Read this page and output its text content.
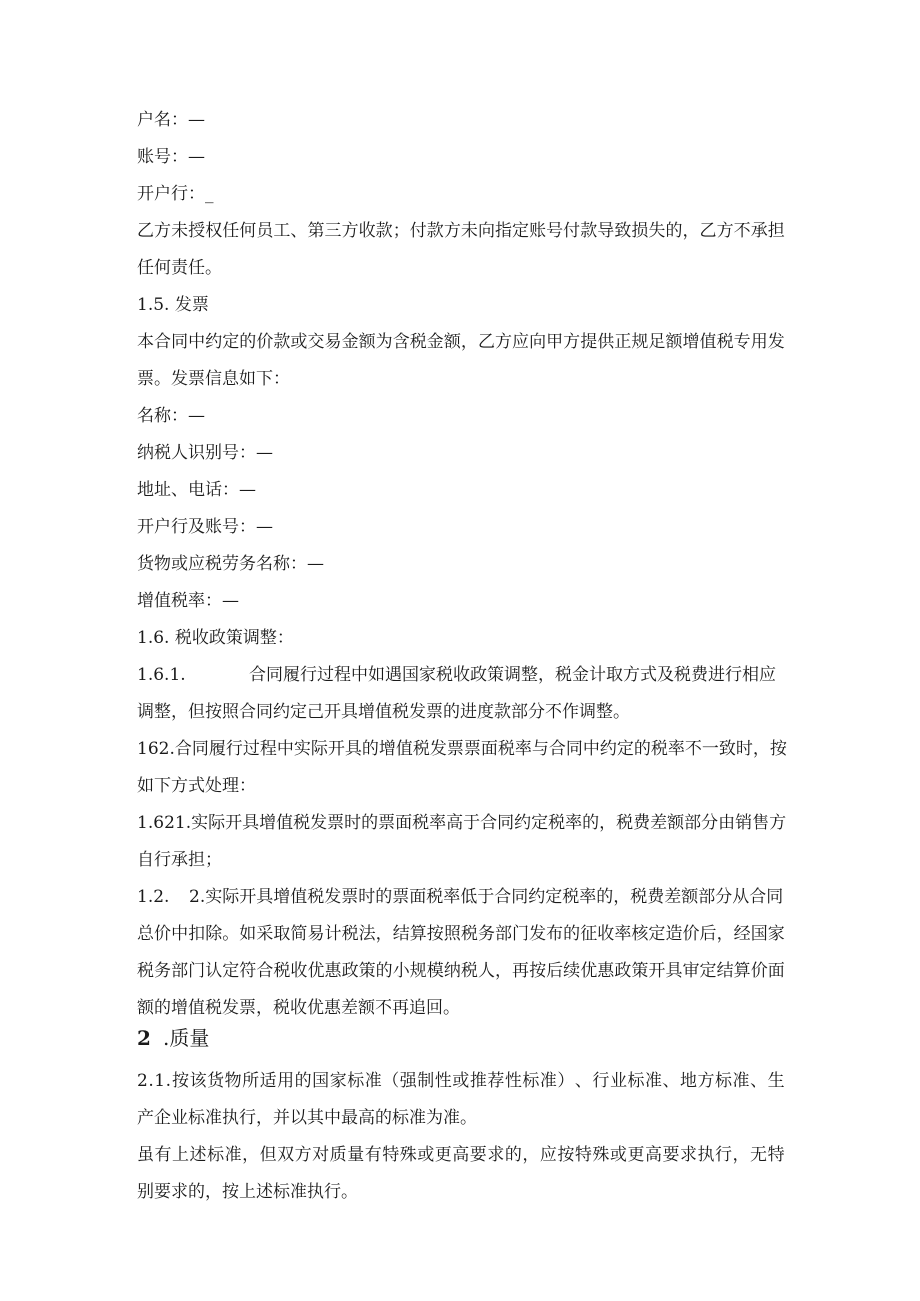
户名：—
账号：—
开户行：_
乙 方 未 授 权 任 何 员 工 、 第 三 方 收 款 ； 付 款 方 未 向 指 定 账 号 付 款 导 致 损 失 的 ， 乙 方 不 承 担
任何责任。
1.5. 发票
本 合 同 中 约 定 的 价 款 或 交 易 金 额 为 含 税 金 额 ， 乙 方 应 向 甲 方 提 供 正 规 足 额 增 值 税 专 用 发
票。发票信息如下：
名称：—
纳税人识别号：—
地址、电话：—
开户行及账号：—
货物或应税劳务名称：—
增值税率：—
1.6. 税收政策调整：
1.6.1.	合同履行过程中如遇国家税收政策调整，税金计取方式及税费进行相应
调整，但按照合同约定己开具增值税发票的进度款部分不作调整。
1 6 2 . 合 同 履 行 过 程 中 实 际 开 具 的 增 值 税 发 票 票 面 税 率 与 合 同 中 约 定 的 税 率 不 一 致 时 ， 按
如下方式处理：
1 . 6 2 1 . 实 际 开 具 增 值 税 发 票 时 的 票 面 税 率 高 于 合 同 约 定 税 率 的 ， 税 费 差 额 部 分 由 销 售 方
自行承担；
1.2. 2.实际开具增值税发票时的票面税率低于合同约定税率的，税费差额部分从合同
总 价 中 扣 除 。 如 采 取 简 易 计 税 法 ， 结 算 按 照 税 务 部 门 发 布 的 征 收 率 核 定 造 价 后 ， 经 国 家
税 务 部 门 认 定 符 合 税 收 优 惠 政 策 的 小 规 模 纳 税 人 ， 再 按 后 续 优 惠 政 策 开 具 审 定 结 算 价 面
额的增值税发票，税收优惠差额不再追回。
2 .质量
2 . 1 . 按 该 货 物 所 适 用 的 国 家 标 准 （ 强 制 性 或 推 荐 性 标 准 ） 、 行 业 标 准 、 地 方 标 准 、 生
产企业标准执行，并以其中最高的标准为准。
虽 有 上 述 标 准 ， 但 双 方 对 质 量 有 特 殊 或 更 高 要 求 的 ， 应 按 特 殊 或 更 高 要 求 执 行 ， 无 特
别要求的，按上述标准执行。
